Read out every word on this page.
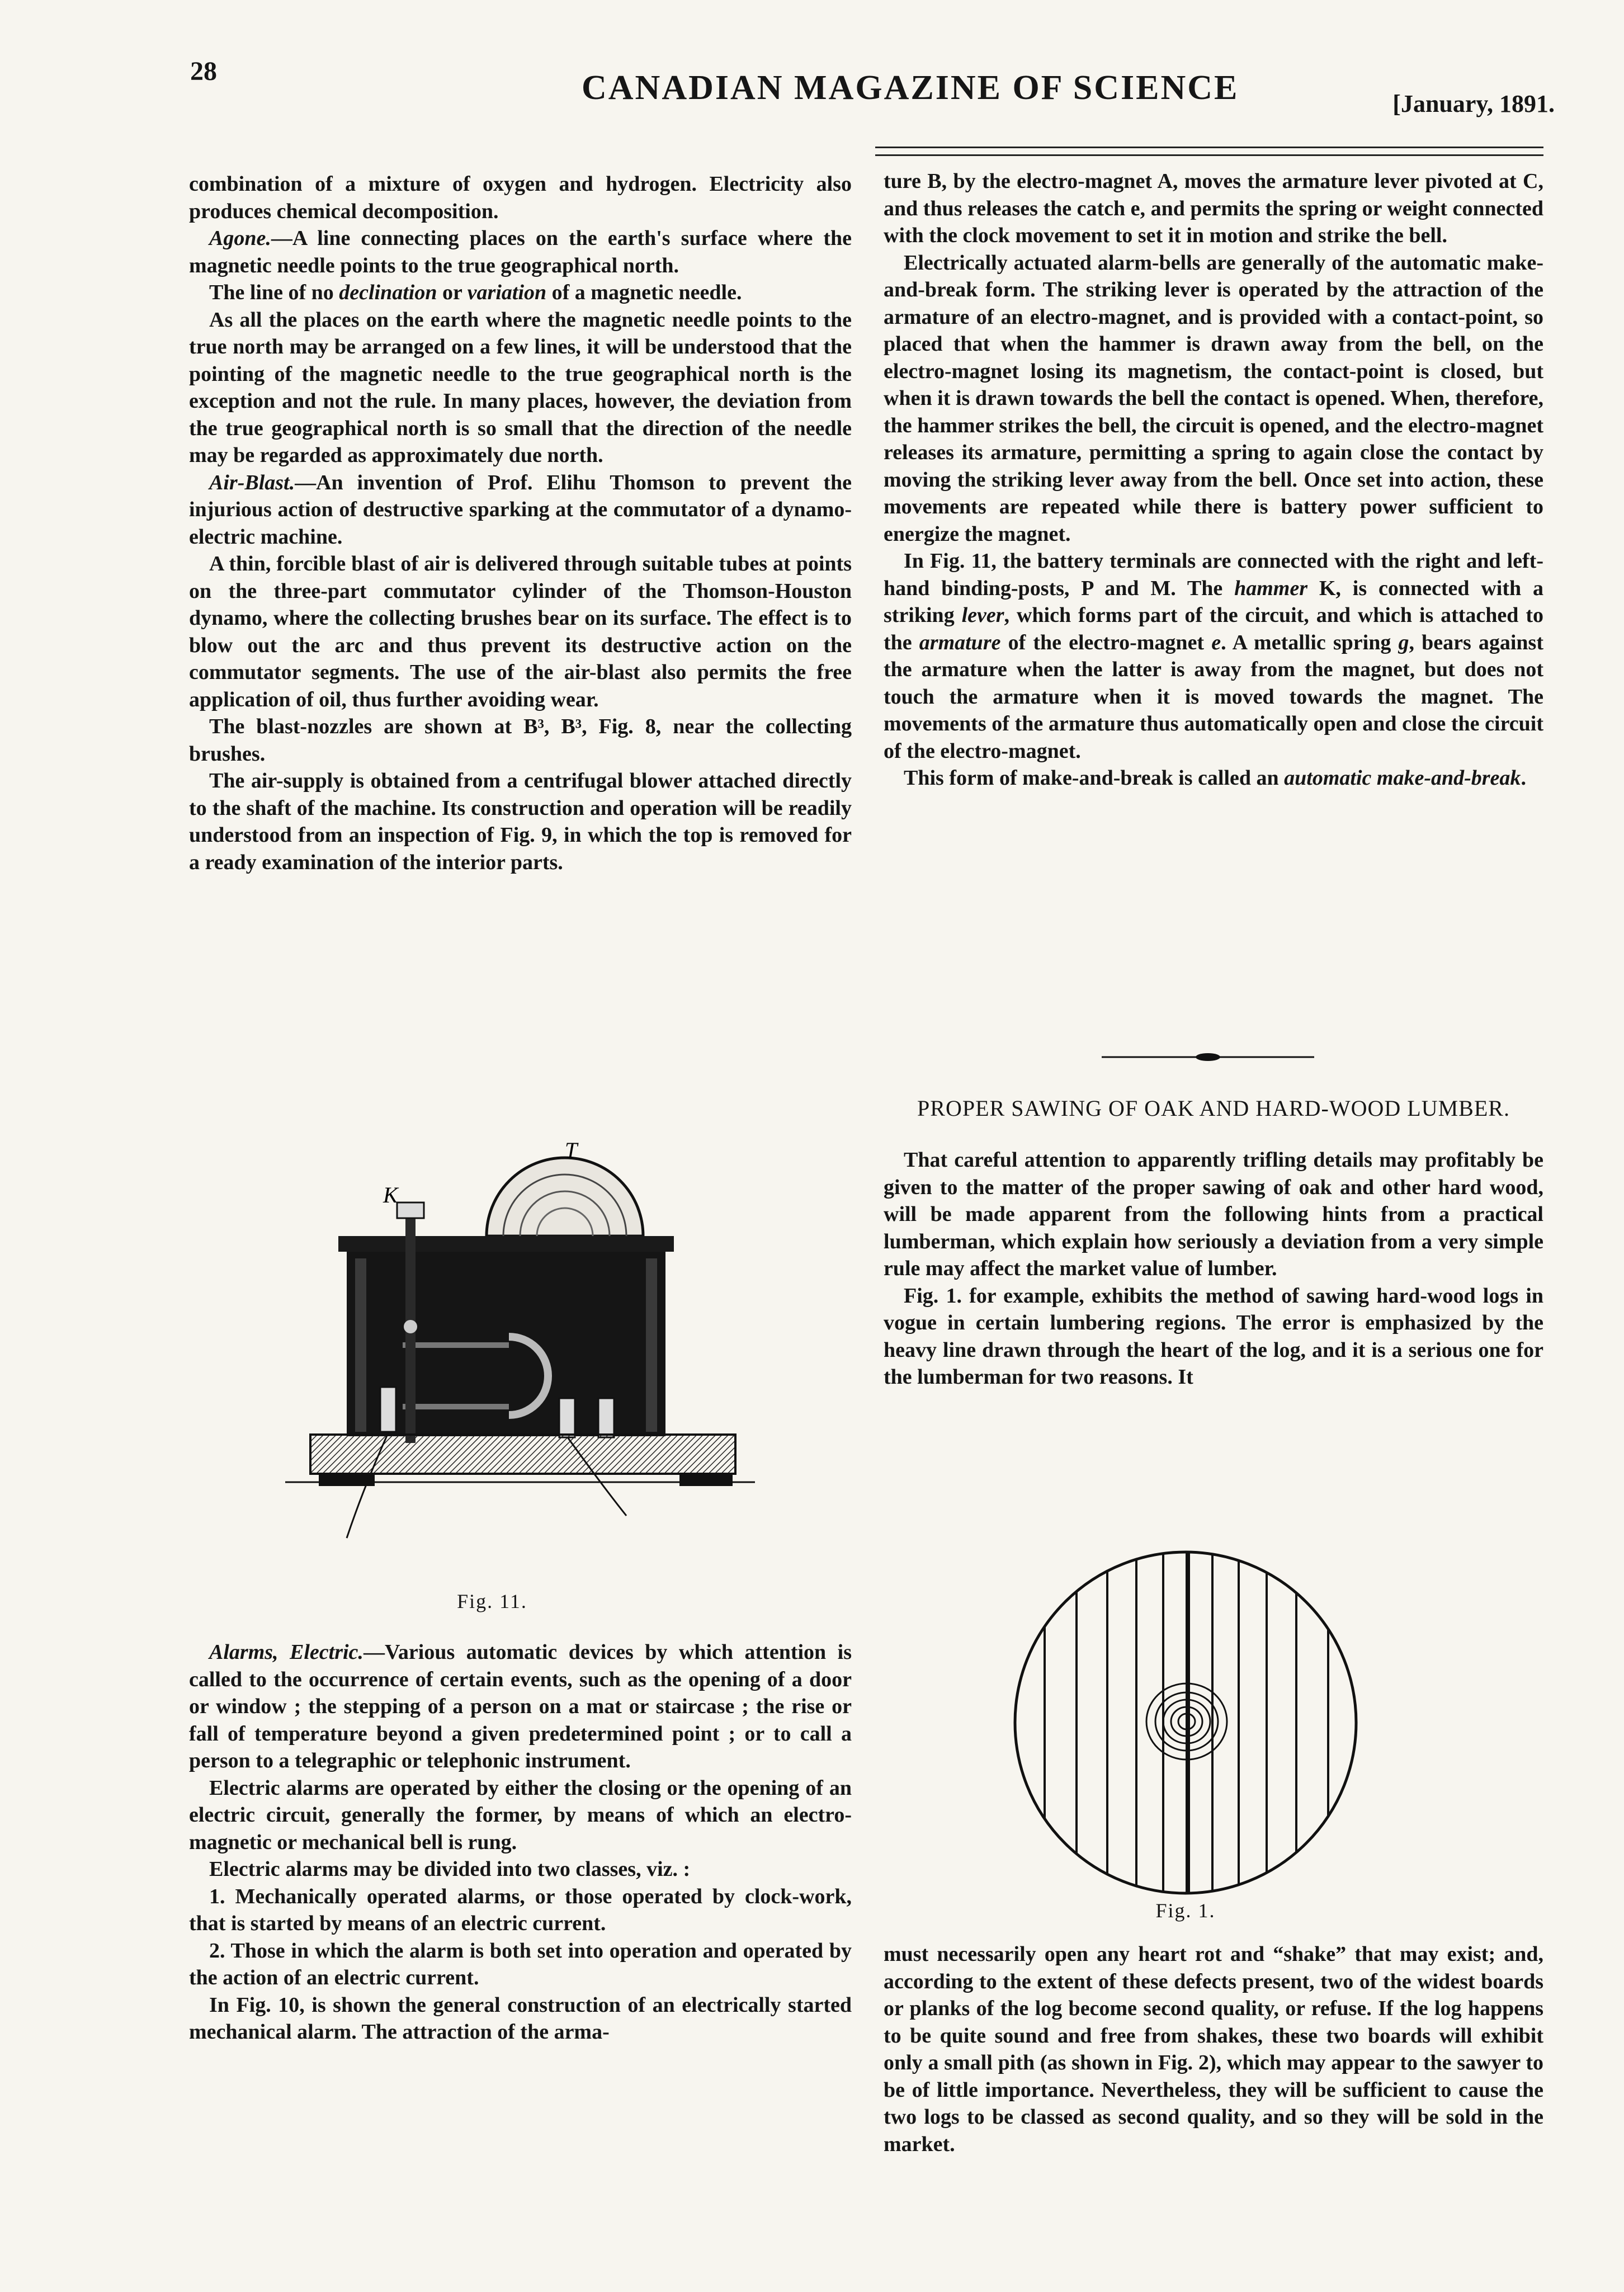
28	CANADIAN MAGAZINE OF SCIENCE	[January, 1891.

combination of a mixture of oxygen and hydrogen. Electricity also produces chemical decomposition.

Agone.—A line connecting places on the earth's surface where the magnetic needle points to the true geographical north.

The line of no declination or variation of a magnetic needle.

As all the places on the earth where the magnetic needle points to the true north may be arranged on a few lines, it will be understood that the pointing of the magnetic needle to the true geographical north is the exception and not the rule. In many places, however, the deviation from the true geographical north is so small that the direction of the needle may be regarded as approximately due north.

Air-Blast.—An invention of Prof. Elihu Thomson to prevent the injurious action of destructive sparking at the commutator of a dynamo-electric machine.

A thin, forcible blast of air is delivered through suitable tubes at points on the three-part commutator cylinder of the Thomson-Houston dynamo, where the collecting brushes bear on its surface. The effect is to blow out the arc and thus prevent its destructive action on the commutator segments. The use of the air-blast also permits the free application of oil, thus further avoiding wear.

The blast-nozzles are shown at B³, B³, Fig. 8, near the collecting brushes.

The air-supply is obtained from a centrifugal blower attached directly to the shaft of the machine. Its construction and operation will be readily understood from an inspection of Fig. 9, in which the top is removed for a ready examination of the interior parts.

T
K
Fig. 11.

Alarms, Electric.—Various automatic devices by which attention is called to the occurrence of certain events, such as the opening of a door or window ; the stepping of a person on a mat or staircase ; the rise or fall of temperature beyond a given predetermined point ; or to call a person to a telegraphic or telephonic instrument.

Electric alarms are operated by either the closing or the opening of an electric circuit, generally the former, by means of which an electro-magnetic or mechanical bell is rung.

Electric alarms may be divided into two classes, viz. :

1. Mechanically operated alarms, or those operated by clock-work, that is started by means of an electric current.

2. Those in which the alarm is both set into operation and operated by the action of an electric current.

In Fig. 10, is shown the general construction of an electrically started mechanical alarm. The attraction of the arma-

ture B, by the electro-magnet A, moves the armature lever pivoted at C, and thus releases the catch e, and permits the spring or weight connected with the clock movement to set it in motion and strike the bell.

Electrically actuated alarm-bells are generally of the automatic make-and-break form. The striking lever is operated by the attraction of the armature of an electro-magnet, and is provided with a contact-point, so placed that when the hammer is drawn away from the bell, on the electro-magnet losing its magnetism, the contact-point is closed, but when it is drawn towards the bell the contact is opened. When, therefore, the hammer strikes the bell, the circuit is opened, and the electro-magnet releases its armature, permitting a spring to again close the contact by moving the striking lever away from the bell. Once set into action, these movements are repeated while there is battery power sufficient to energize the magnet.

In Fig. 11, the battery terminals are connected with the right and left-hand binding-posts, P and M. The hammer K, is connected with a striking lever, which forms part of the circuit, and which is attached to the armature of the electro-magnet e. A metallic spring g, bears against the armature when the latter is away from the magnet, but does not touch the armature when it is moved towards the magnet. The movements of the armature thus automatically open and close the circuit of the electro-magnet.

This form of make-and-break is called an automatic make-and-break.

PROPER SAWING OF OAK AND HARD-WOOD LUMBER.

That careful attention to apparently trifling details may profitably be given to the matter of the proper sawing of oak and other hard wood, will be made apparent from the following hints from a practical lumberman, which explain how seriously a deviation from a very simple rule may affect the market value of lumber.

Fig. 1. for example, exhibits the method of sawing hard-wood logs in vogue in certain lumbering regions. The error is emphasized by the heavy line drawn through the heart of the log, and it is a serious one for the lumberman for two reasons. It

Fig. 1.

must necessarily open any heart rot and “shake” that may exist; and, according to the extent of these defects present, two of the widest boards or planks of the log become second quality, or refuse. If the log happens to be quite sound and free from shakes, these two boards will exhibit only a small pith (as shown in Fig. 2), which may appear to the sawyer to be of little importance. Nevertheless, they will be sufficient to cause the two logs to be classed as second quality, and so they will be sold in the market.
